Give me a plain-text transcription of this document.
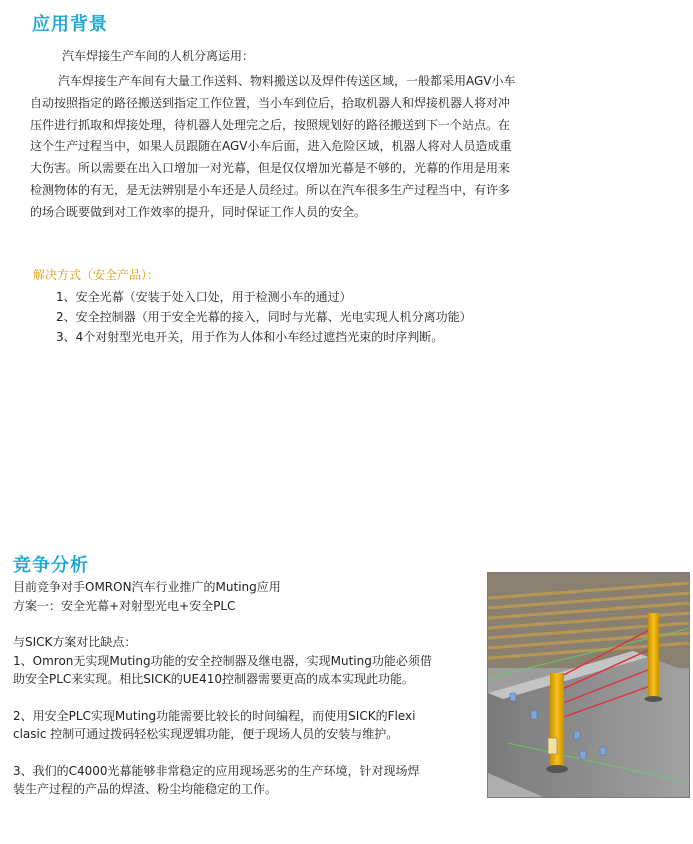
应用背景
汽车焊接生产车间的人机分离运用：
汽车焊接生产车间有大量工作送料、物料搬送以及焊件传送区域，一般都采用AGV小车
自动按照指定的路径搬送到指定工作位置，当小车到位后，拾取机器人和焊接机器人将对冲
压件进行抓取和焊接处理，待机器人处理完之后，按照规划好的路径搬送到下一个站点。在
这个生产过程当中，如果人员跟随在AGV小车后面，进入危险区域，机器人将对人员造成重
大伤害。所以需要在出入口增加一对光幕，但是仅仅增加光幕是不够的，光幕的作用是用来
检测物体的有无，是无法辨别是小车还是人员经过。所以在汽车很多生产过程当中，有许多
的场合既要做到对工作效率的提升，同时保证工作人员的安全。
解决方式（安全产品）：
1、安全光幕（安装于处入口处，用于检测小车的通过）
2、安全控制器（用于安全光幕的接入，同时与光幕、光电实现人机分离功能）
3、4个对射型光电开关，用于作为人体和小车经过遮挡光束的时序判断。
竞争分析
目前竞争对手OMRON汽车行业推广的Muting应用
方案一：安全光幕+对射型光电+安全PLC
与SICK方案对比缺点：
1、Omron无实现Muting功能的安全控制器及继电器，实现Muting功能必须借
助安全PLC来实现。相比SICK的UE410控制器需要更高的成本实现此功能。
2、用安全PLC实现Muting功能需要比较长的时间编程，而使用SICK的Flexi
clasic 控制可通过拨码轻松实现逻辑功能，便于现场人员的安装与维护。
3、我们的C4000光幕能够非常稳定的应用现场恶劣的生产环境，针对现场焊
装生产过程的产品的焊渣、粉尘均能稳定的工作。
